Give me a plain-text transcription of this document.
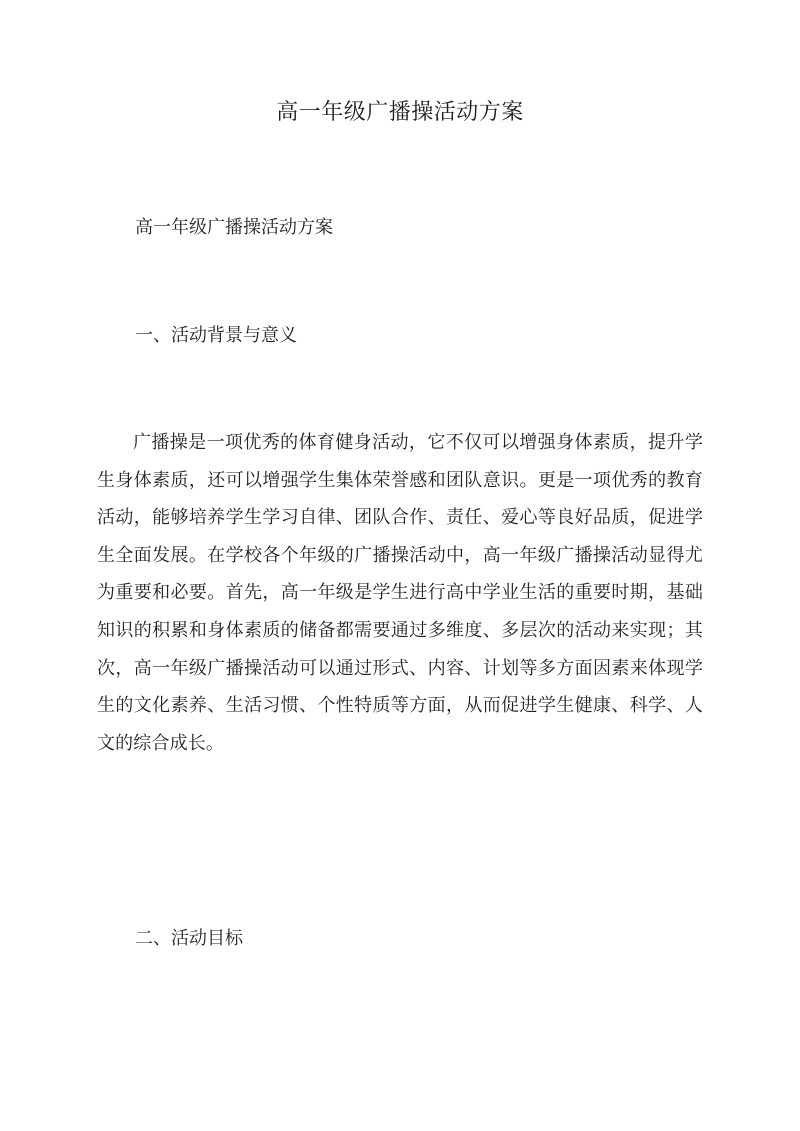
高一年级广播操活动方案
高一年级广播操活动方案
一、活动背景与意义

广播操是一项优秀的体育健身活动，它不仅可以增强身体素质，提升学生身体素质，还可以增强学生集体荣誉感和团队意识。更是一项优秀的教育活动，能够培养学生学习自律、团队合作、责任、爱心等良好品质，促进学生全面发展。在学校各个年级的广播操活动中，高一年级广播操活动显得尤为重要和必要。首先，高一年级是学生进行高中学业生活的重要时期，基础知识的积累和身体素质的储备都需要通过多维度、多层次的活动来实现；其次，高一年级广播操活动可以通过形式、内容、计划等多方面因素来体现学生的文化素养、生活习惯、个性特质等方面，从而促进学生健康、科学、人文的综合成长。

二、活动目标
